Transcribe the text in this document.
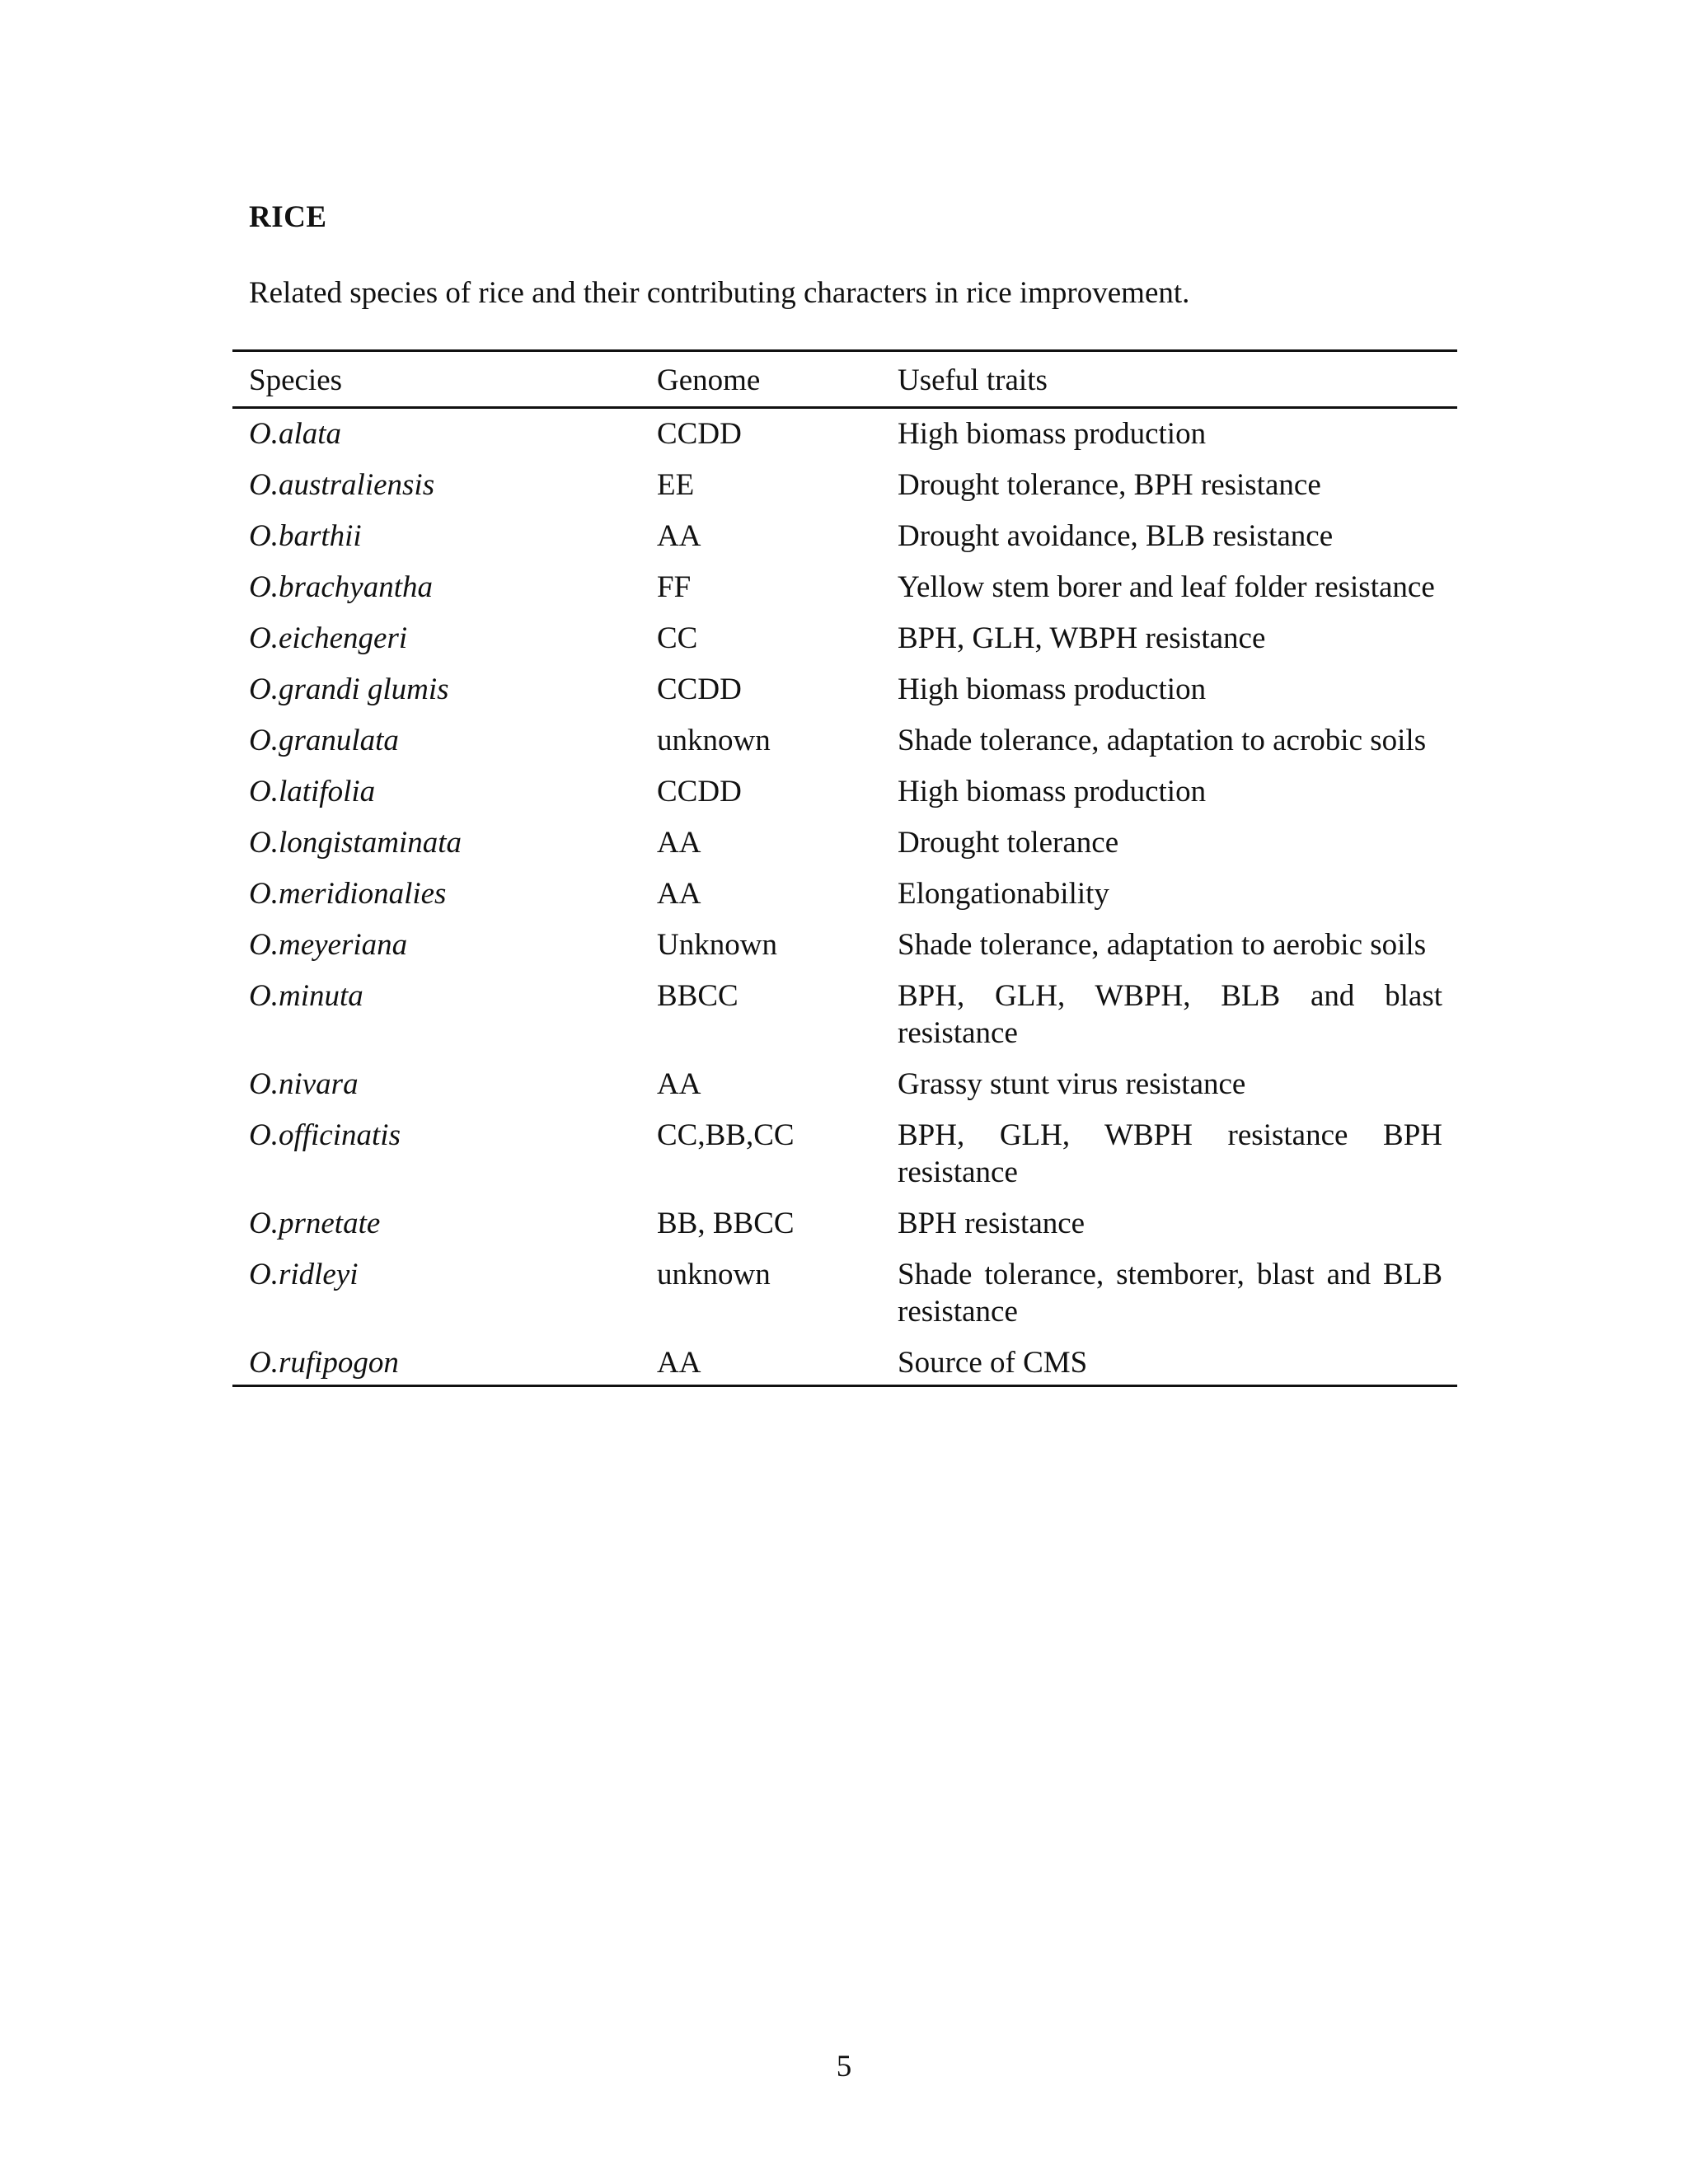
RICE
Related species of rice and their contributing characters in rice improvement.
Species	Genome	Useful traits
O.alata	CCDD	High biomass production
O.australiensis	EE	Drought tolerance, BPH resistance
O.barthii	AA	Drought avoidance, BLB resistance
O.brachyantha	FF	Yellow stem borer and leaf folder resistance
O.eichengeri	CC	BPH, GLH, WBPH resistance
O.grandi glumis	CCDD	High biomass production
O.granulata	unknown	Shade tolerance, adaptation to acrobic soils
O.latifolia	CCDD	High biomass production
O.longistaminata	AA	Drought tolerance
O.meridionalies	AA	Elongationability
O.meyeriana	Unknown	Shade tolerance, adaptation to aerobic soils
O.minuta	BBCC	BPH, GLH, WBPH, BLB and blast resistance
O.nivara	AA	Grassy stunt virus resistance
O.officinatis	CC,BB,CC	BPH, GLH, WBPH resistance BPH resistance
O.prnetate	BB, BBCC	BPH resistance
O.ridleyi	unknown	Shade tolerance, stemborer, blast and BLB resistance
O.rufipogon	AA	Source of CMS
5
